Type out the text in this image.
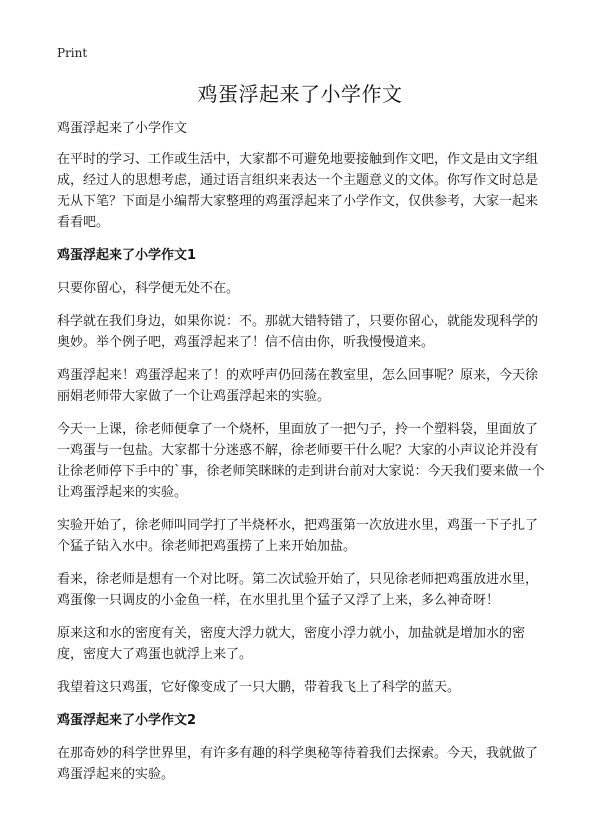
Print
鸡蛋浮起来了小学作文

鸡蛋浮起来了小学作文

在平时的学习、工作或生活中，大家都不可避免地要接触到作文吧，作文是由文字组成，经过人的思想考虑，通过语言组织来表达一个主题意义的文体。你写作文时总是无从下笔？下面是小编帮大家整理的鸡蛋浮起来了小学作文，仅供参考，大家一起来看看吧。

鸡蛋浮起来了小学作文1

只要你留心，科学便无处不在。

科学就在我们身边，如果你说：不。那就大错特错了，只要你留心，就能发现科学的奥妙。举个例子吧，鸡蛋浮起来了！信不信由你，听我慢慢道来。

鸡蛋浮起来！鸡蛋浮起来了！的欢呼声仍回荡在教室里，怎么回事呢？原来，今天徐丽娟老师带大家做了一个让鸡蛋浮起来的实验。

今天一上课，徐老师便拿了一个烧杯，里面放了一把勺子，拎一个塑料袋，里面放了一鸡蛋与一包盐。大家都十分迷惑不解，徐老师要干什么呢？大家的小声议论并没有让徐老师停下手中的`事，徐老师笑眯眯的走到讲台前对大家说：今天我们要来做一个让鸡蛋浮起来的实验。

实验开始了，徐老师叫同学打了半烧杯水，把鸡蛋第一次放进水里，鸡蛋一下子扎了个猛子钻入水中。徐老师把鸡蛋捞了上来开始加盐。

看来，徐老师是想有一个对比呀。第二次试验开始了，只见徐老师把鸡蛋放进水里，鸡蛋像一只调皮的小金鱼一样，在水里扎里个猛子又浮了上来，多么神奇呀！

原来这和水的密度有关，密度大浮力就大，密度小浮力就小，加盐就是增加水的密度，密度大了鸡蛋也就浮上来了。

我望着这只鸡蛋，它好像变成了一只大鹏，带着我飞上了科学的蓝天。

鸡蛋浮起来了小学作文2

在那奇妙的科学世界里，有许多有趣的科学奥秘等待着我们去探索。今天，我就做了鸡蛋浮起来的实验。
